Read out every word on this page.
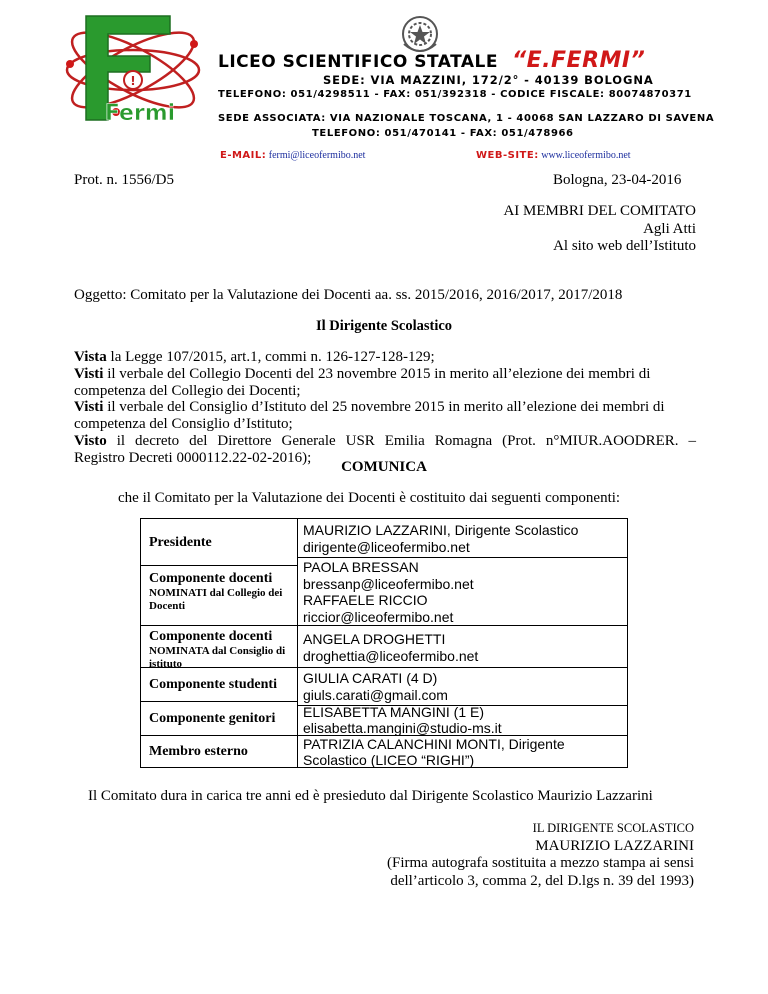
!
Fermi
LICEO SCIENTIFICO STATALE “E.FERMI”
SEDE: VIA MAZZINI, 172/2° - 40139 BOLOGNA
TELEFONO: 051/4298511 - FAX: 051/392318 - CODICE FISCALE: 80074870371
SEDE ASSOCIATA: VIA NAZIONALE TOSCANA, 1 - 40068 SAN LAZZARO DI SAVENA
TELEFONO: 051/470141 - FAX: 051/478966
E-MAIL: fermi@liceofermibo.net	WEB-SITE: www.liceofermibo.net
Prot. n. 1556/D5	Bologna, 23-04-2016
AI MEMBRI DEL COMITATO
Agli Atti
Al sito web dell’Istituto
Oggetto: Comitato per la Valutazione dei Docenti aa. ss. 2015/2016, 2016/2017, 2017/2018
Il Dirigente Scolastico

Vista la Legge 107/2015, art.1, commi n. 126-127-128-129;

Visti il verbale del Collegio Docenti del 23 novembre 2015 in merito all’elezione dei membri di

competenza del Collegio dei Docenti;

Visti il verbale del Consiglio d’Istituto del 25 novembre 2015 in merito all’elezione dei membri di

competenza del Consiglio d’Istituto;

Visto il decreto del Direttore Generale USR Emilia Romagna (Prot. n°MIUR.AOODRER. –

Registro Decreti 0000112.22-02-2016);

COMUNICA
che il Comitato per la Valutazione dei Docenti è costituito dai seguenti componenti:
Presidente
Componente docenti
NOMINATI dal Collegio dei Docenti
Componente docenti
NOMINATA dal Consiglio di istituto
Componente studenti
Componente genitori
Membro esterno
MAURIZIO LAZZARINI, Dirigente Scolastico
dirigente@liceofermibo.net
PAOLA BRESSAN
bressanp@liceofermibo.net
RAFFAELE RICCIO
riccior@liceofermibo.net
ANGELA DROGHETTI
droghettia@liceofermibo.net
GIULIA CARATI (4 D)
giuls.carati@gmail.com
ELISABETTA MANGINI (1 E)
elisabetta.mangini@studio-ms.it
PATRIZIA CALANCHINI MONTI, Dirigente
Scolastico (LICEO “RIGHI”)
Il Comitato dura in carica tre anni ed è presieduto dal Dirigente Scolastico Maurizio Lazzarini
IL DIRIGENTE SCOLASTICO
MAURIZIO LAZZARINI
(Firma autografa sostituita a mezzo stampa ai sensi
dell’articolo 3, comma 2, del D.lgs n. 39 del 1993)
